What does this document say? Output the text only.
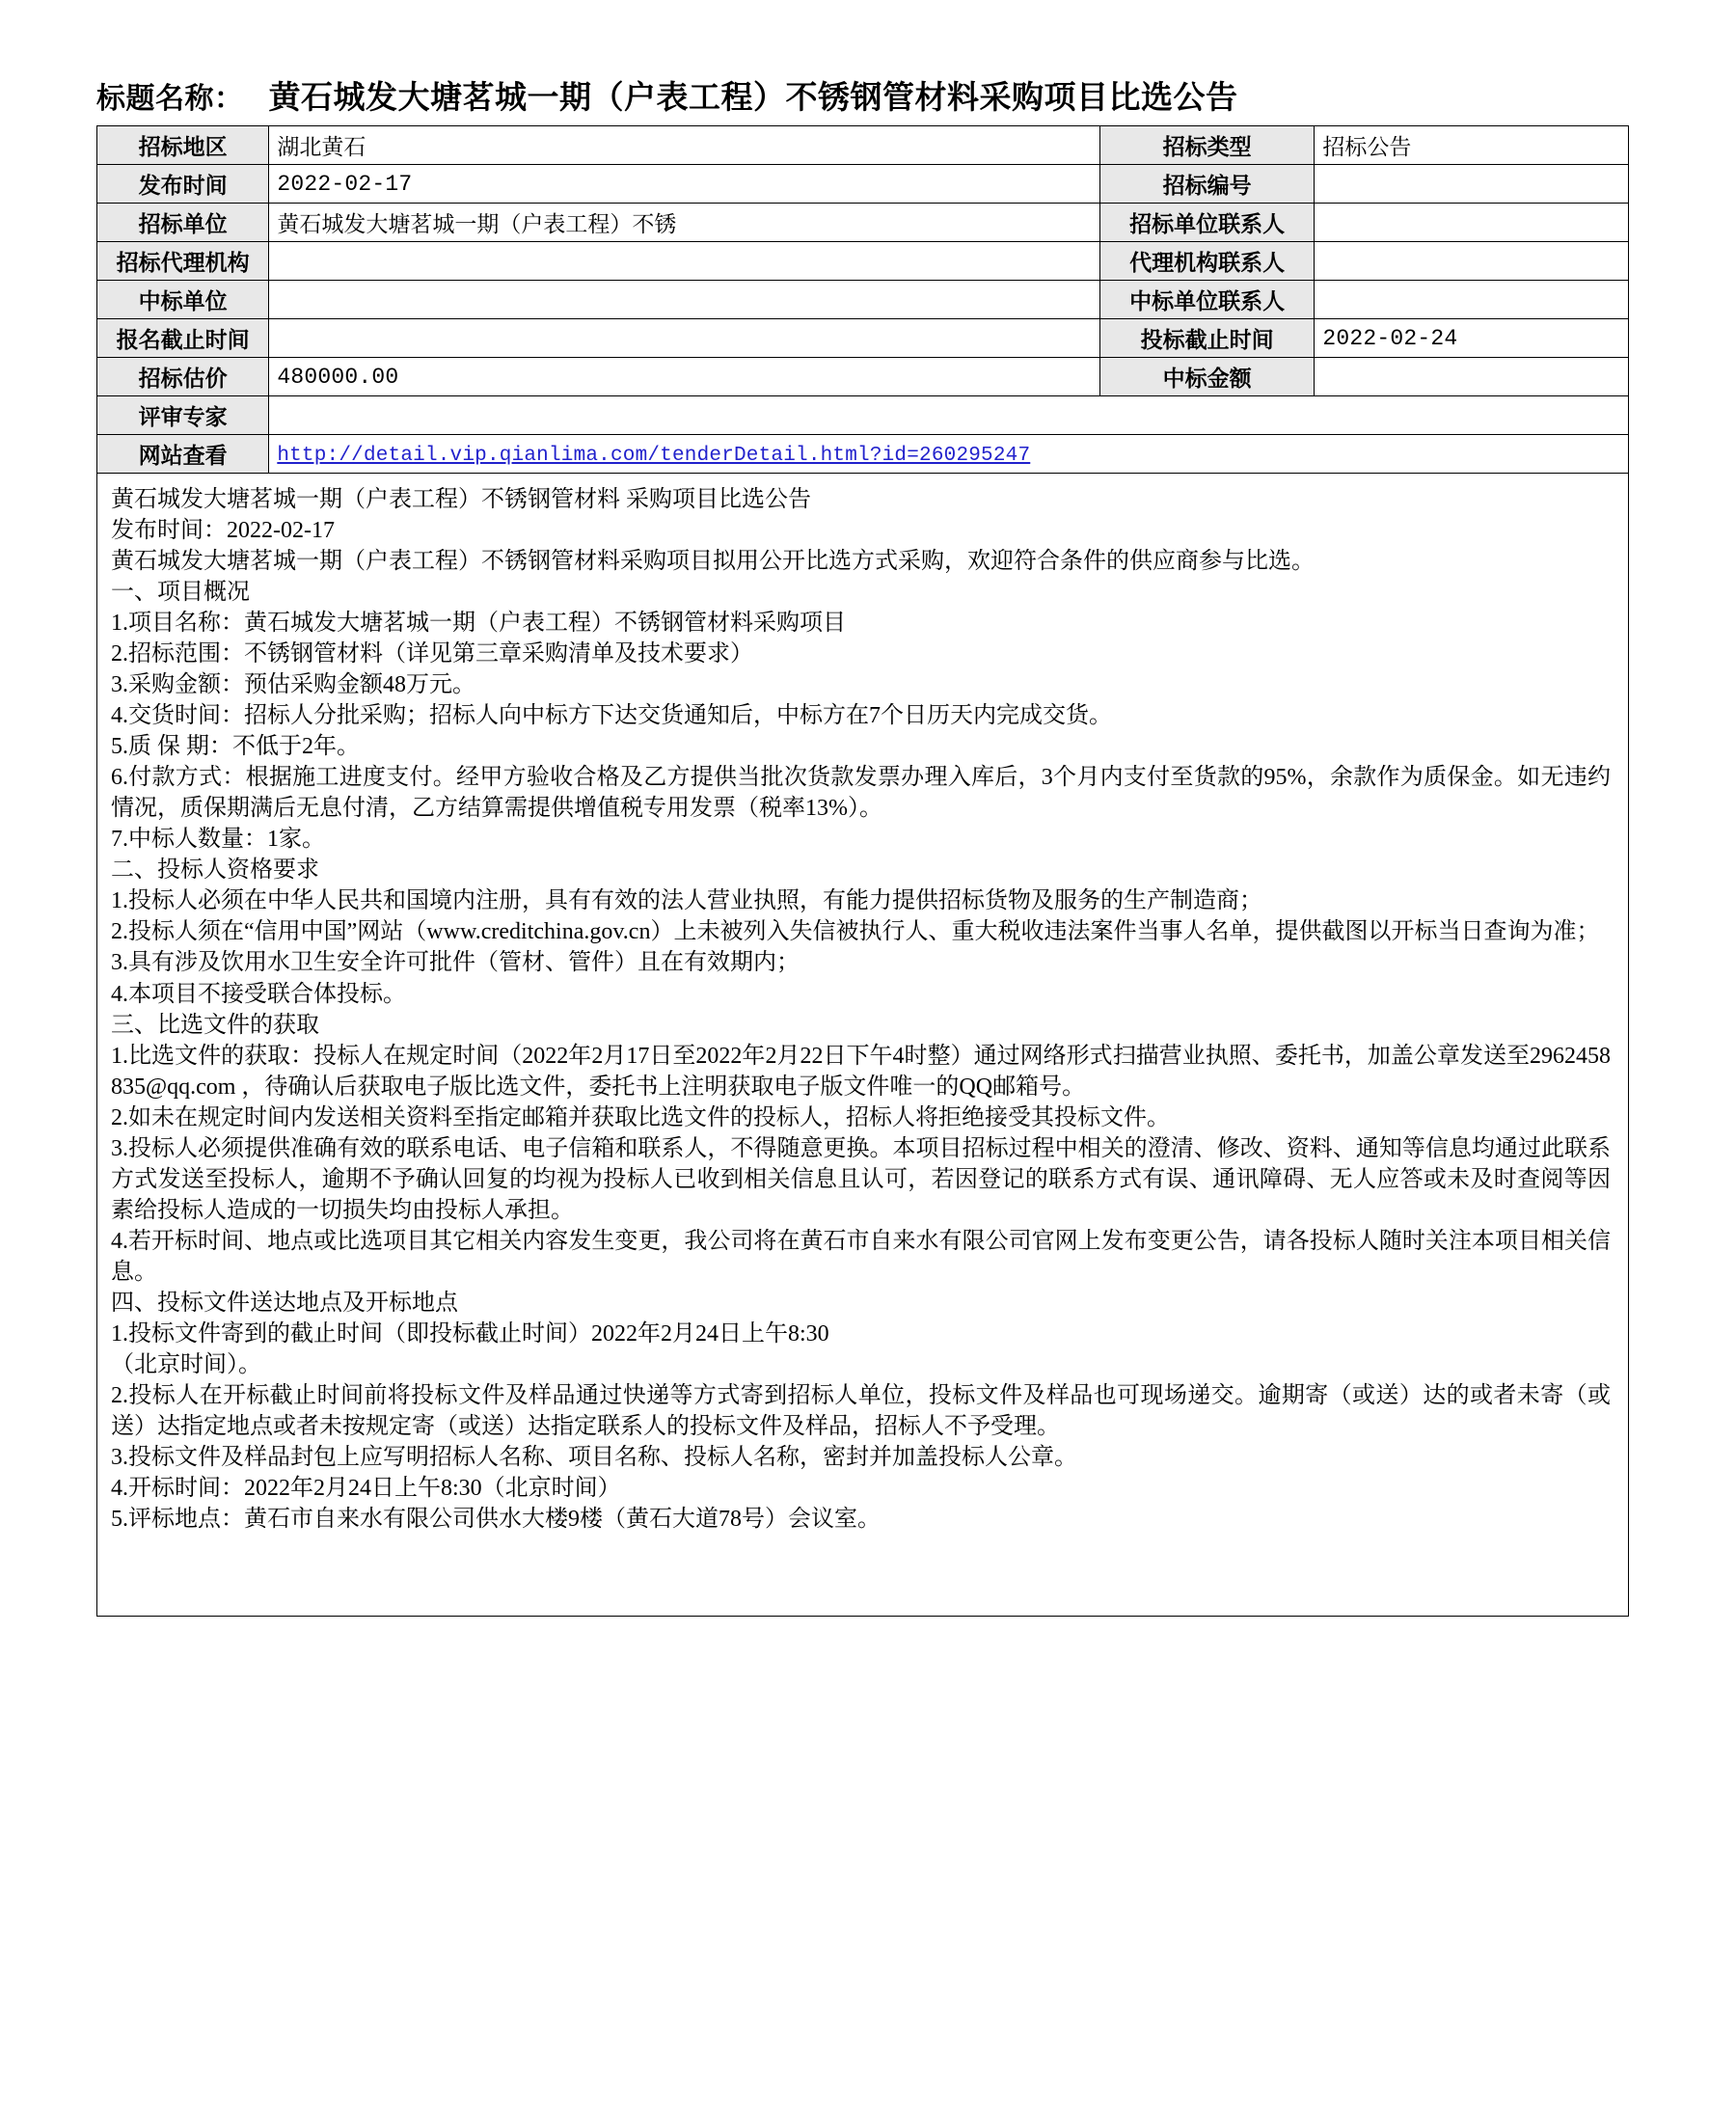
标题名称： 黄石城发大塘茗城一期（户表工程）不锈钢管材料采购项目比选公告
招标地区	湖北黄石	招标类型	招标公告
发布时间	2022-02-17	招标编号	
招标单位	黄石城发大塘茗城一期（户表工程）不锈	招标单位联系人	
招标代理机构		代理机构联系人	
中标单位		中标单位联系人	
报名截止时间		投标截止时间	2022-02-24
招标估价	480000.00	中标金额	
评审专家			
网站查看	http://detail.vip.qianlima.com/tenderDetail.html?id=260295247		

黄石城发大塘茗城一期（户表工程）不锈钢管材料 采购项目比选公告

发布时间：2022-02-17

黄石城发大塘茗城一期（户表工程）不锈钢管材料采购项目拟用公开比选方式采购，欢迎符合条件的供应商参与比选。

一、项目概况

1.项目名称：黄石城发大塘茗城一期（户表工程）不锈钢管材料采购项目

2.招标范围：不锈钢管材料（详见第三章采购清单及技术要求）

3.采购金额：预估采购金额48万元。

4.交货时间：招标人分批采购；招标人向中标方下达交货通知后，中标方在7个日历天内完成交货。

5.质 保 期：不低于2年。

6.付款方式：根据施工进度支付。经甲方验收合格及乙方提供当批次货款发票办理入库后，3个月内支付至货款的95%，余款作为质保金。如无违约情况，质保期满后无息付清，乙方结算需提供增值税专用发票（税率13%）。

7.中标人数量：1家。

二、投标人资格要求

1.投标人必须在中华人民共和国境内注册，具有有效的法人营业执照，有能力提供招标货物及服务的生产制造商；

2.投标人须在“信用中国”网站（www.creditchina.gov.cn）上未被列入失信被执行人、重大税收违法案件当事人名单，提供截图以开标当日查询为准；

3.具有涉及饮用水卫生安全许可批件（管材、管件）且在有效期内；

4.本项目不接受联合体投标。

三、比选文件的获取

1.比选文件的获取：投标人在规定时间（2022年2月17日至2022年2月22日下午4时整）通过网络形式扫描营业执照、委托书，加盖公章发送至2962458835@qq.com ，待确认后获取电子版比选文件，委托书上注明获取电子版文件唯一的QQ邮箱号。

2.如未在规定时间内发送相关资料至指定邮箱并获取比选文件的投标人，招标人将拒绝接受其投标文件。

3.投标人必须提供准确有效的联系电话、电子信箱和联系人，不得随意更换。本项目招标过程中相关的澄清、修改、资料、通知等信息均通过此联系方式发送至投标人，逾期不予确认回复的均视为投标人已收到相关信息且认可，若因登记的联系方式有误、通讯障碍、无人应答或未及时查阅等因素给投标人造成的一切损失均由投标人承担。

4.若开标时间、地点或比选项目其它相关内容发生变更，我公司将在黄石市自来水有限公司官网上发布变更公告，请各投标人随时关注本项目相关信息。

四、投标文件送达地点及开标地点

1.投标文件寄到的截止时间（即投标截止时间）2022年2月24日上午8:30

（北京时间）。

2.投标人在开标截止时间前将投标文件及样品通过快递等方式寄到招标人单位，投标文件及样品也可现场递交。逾期寄（或送）达的或者未寄（或送）达指定地点或者未按规定寄（或送）达指定联系人的投标文件及样品，招标人不予受理。

3.投标文件及样品封包上应写明招标人名称、项目名称、投标人名称，密封并加盖投标人公章。

4.开标时间：2022年2月24日上午8:30（北京时间）

5.评标地点：黄石市自来水有限公司供水大楼9楼（黄石大道78号）会议室。
